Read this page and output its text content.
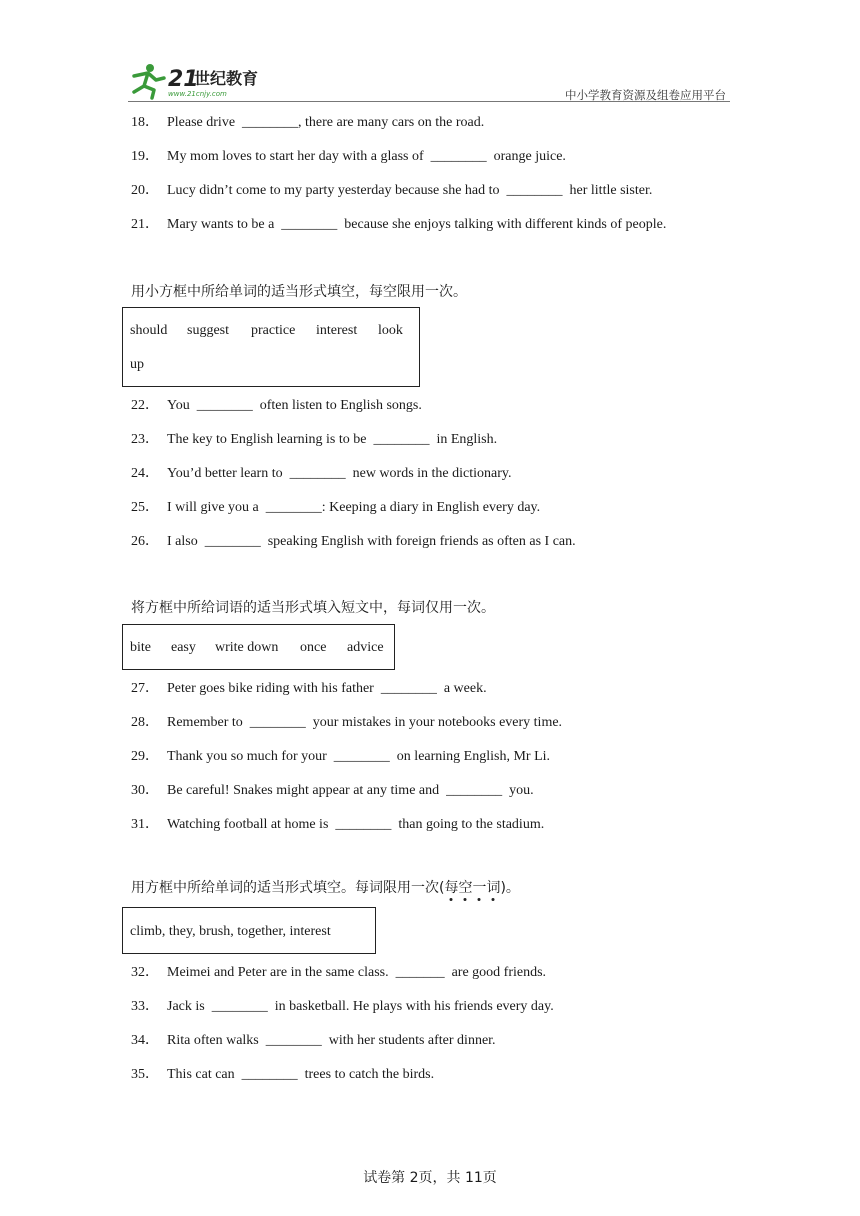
21
世纪教育
www.21cnjy.com	中小学教育资源及组卷应用平台
18． Please drive  ________, there are many cars on the road.
19． My mom loves to start her day with a glass of  ________  orange juice.
20． Lucy didn’t come to my party yesterday because she had to  ________  her little sister.
21． Mary wants to be a  ________  because she enjoys talking with different kinds of people.
用小方框中所给单词的适当形式填空，每空限用一次。
should suggest practice interest look
up
22． You  ________  often listen to English songs.
23． The key to English learning is to be  ________  in English.
24． You’d better learn to  ________  new words in the dictionary.
25． I will give you a  ________: Keeping a diary in English every day.
26． I also  ________  speaking English with foreign friends as often as I can.
将方框中所给词语的适当形式填入短文中，每词仅用一次。
bite easy write down once advice
27． Peter goes bike riding with his father  ________  a week.
28． Remember to  ________  your mistakes in your notebooks every time.
29． Thank you so much for your  ________  on learning English, Mr Li.
30． Be careful! Snakes might appear at any time and  ________  you.
31． Watching football at home is  ________  than going to the stadium.
用方框中所给单词的适当形式填空。每词限用一次(每空一词)。
climb, they, brush, together, interest
32． Meimei and Peter are in the same class.  _______  are good friends.
33． Jack is  ________  in basketball. He plays with his friends every day.
34． Rita often walks  ________  with her students after dinner.
35． This cat can  ________  trees to catch the birds.
试卷第 2页，共 11页
